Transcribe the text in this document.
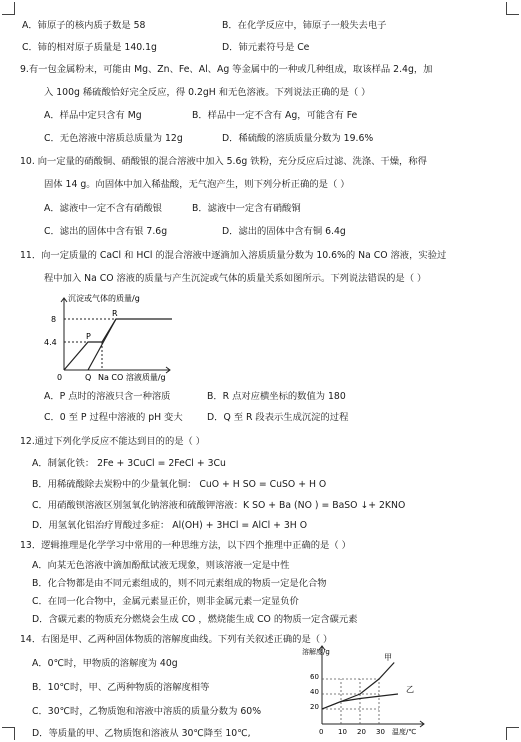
A．铈原子的核内质子数是 58	B．在化学反应中，铈原子一般失去电子
C．铈的相对原子质量是 140.1g	D．铈元素符号是 Ce
9.有一包金属粉末，可能由 Mg、Zn、Fe、Al、Ag 等金属中的一种或几种组成，取该样品 2.4g，加
入 100g 稀硫酸恰好完全反应，得 0.2gH 和无色溶液。下列说法正确的是（ ）
A．样品中定只含有 Mg	B．样品中一定不含有 Ag，可能含有 Fe
C．无色溶液中溶质总质量为 12g	D．稀硫酸的溶质质量分数为 19.6%
10. 向一定量的硝酸铜、硝酸银的混合溶液中加入 5.6g 铁粉，充分反应后过滤、洗涤、干燥，称得
固体 14 g。向固体中加入稀盐酸，无气泡产生，则下列分析正确的是（ ）
A．滤液中一定不含有硝酸银	B．滤液中一定含有硝酸铜
C．滤出的固体中含有银 7.6g	D．滤出的固体中含有铜 6.4g
11．向一定质量的 CaCl 和 HCl 的混合溶液中逐滴加入溶质质量分数为 10.6%的 Na CO 溶液，实验过
程中加入 Na CO 溶液的质量与产生沉淀或气体的质量关系如图所示。下列说法错误的是（ ）
沉淀或气体的质量/g
8
4.4
0
P
R
Q Na CO 溶液质量/g
A．P 点时的溶液只含一种溶质	B．R 点对应横坐标的数值为 180
C．0 至 P 过程中溶液的 pH 变大	D．Q 至 R 段表示生成沉淀的过程
12.通过下列化学反应不能达到目的的是（ ）
A．制氯化铁： 2Fe + 3CuCl = 2FeCl + 3Cu
B．用稀硫酸除去炭粉中的少量氧化铜： CuO + H SO = CuSO + H O
C．用硝酸钡溶液区别氢氧化钠溶液和硫酸钾溶液：K SO + Ba (NO ) = BaSO ↓+ 2KNO
D．用氢氧化铝治疗胃酸过多症： Al(OH) + 3HCl = AlCl + 3H O
13．逻辑推理是化学学习中常用的一种思维方法，以下四个推理中正确的是（ ）
A．向某无色溶液中滴加酚酞试液无现象，则该溶液一定是中性
B．化合物都是由不同元素组成的，则不同元素组成的物质一定是化合物
C．在同一化合物中，金属元素显正价，则非金属元素一定显负价
D．含碳元素的物质充分燃烧会生成 CO ，燃烧能生成 CO 的物质一定含碳元素
14．右图是甲、乙两种固体物质的溶解度曲线。下列有关叙述正确的是（ ）
A．0℃时，甲物质的溶解度为 40g
B．10℃时，甲、乙两种物质的溶解度相等
C．30℃时，乙物质饱和溶液中溶质的质量分数为 60%
D．等质量的甲、乙物质饱和溶液从 30℃降至 10℃,
溶解度/g
60
40
20
0 10 20 30 温度/℃
甲
乙
